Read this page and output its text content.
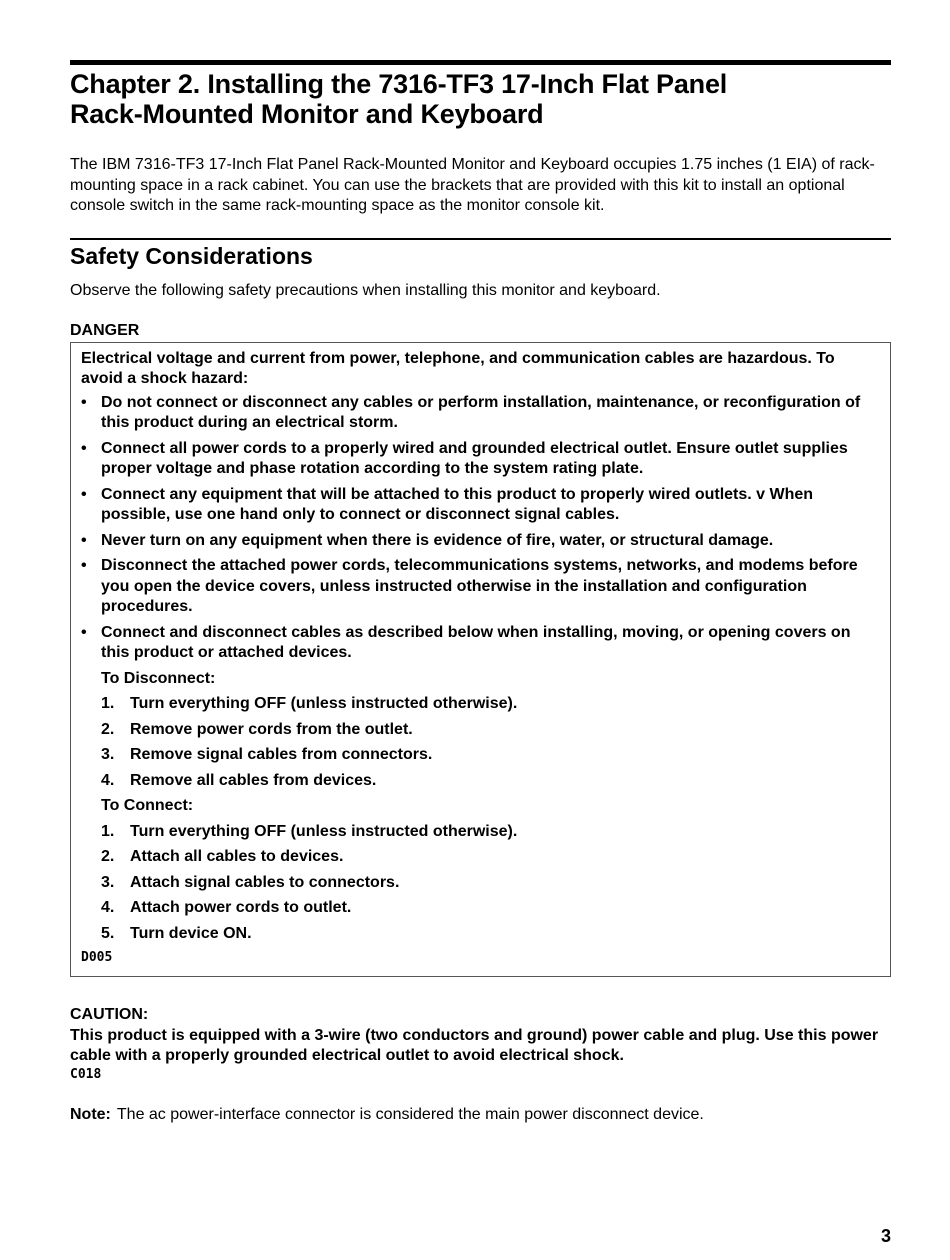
Chapter 2. Installing the 7316-TF3 17-Inch Flat Panel
Rack-Mounted Monitor and Keyboard

The IBM 7316-TF3 17-Inch Flat Panel Rack-Mounted Monitor and Keyboard occupies 1.75 inches (1 EIA) of rack-mounting space in a rack cabinet. You can use the brackets that are provided with this kit to install an optional console switch in the same rack-mounting space as the monitor console kit.

Safety Considerations

Observe the following safety precautions when installing this monitor and keyboard.

DANGER

Electrical voltage and current from power, telephone, and communication cables are hazardous. To avoid a shock hazard:

• Do not connect or disconnect any cables or perform installation, maintenance, or reconfiguration of this product during an electrical storm.
• Connect all power cords to a properly wired and grounded electrical outlet. Ensure outlet supplies proper voltage and phase rotation according to the system rating plate.
• Connect any equipment that will be attached to this product to properly wired outlets. v When possible, use one hand only to connect or disconnect signal cables.
• Never turn on any equipment when there is evidence of fire, water, or structural damage.
• Disconnect the attached power cords, telecommunications systems, networks, and modems before you open the device covers, unless instructed otherwise in the installation and configuration procedures.
• Connect and disconnect cables as described below when installing, moving, or opening covers on this product or attached devices.
To Disconnect:
1. Turn everything OFF (unless instructed otherwise).
2. Remove power cords from the outlet.
3. Remove signal cables from connectors.
4. Remove all cables from devices.
To Connect:
1. Turn everything OFF (unless instructed otherwise).
2. Attach all cables to devices.
3. Attach signal cables to connectors.
4. Attach power cords to outlet.
5. Turn device ON.
D005

CAUTION:

This product is equipped with a 3-wire (two conductors and ground) power cable and plug. Use this power cable with a properly grounded electrical outlet to avoid electrical shock.

C018
Note: The ac power-interface connector is considered the main power disconnect device.
3
